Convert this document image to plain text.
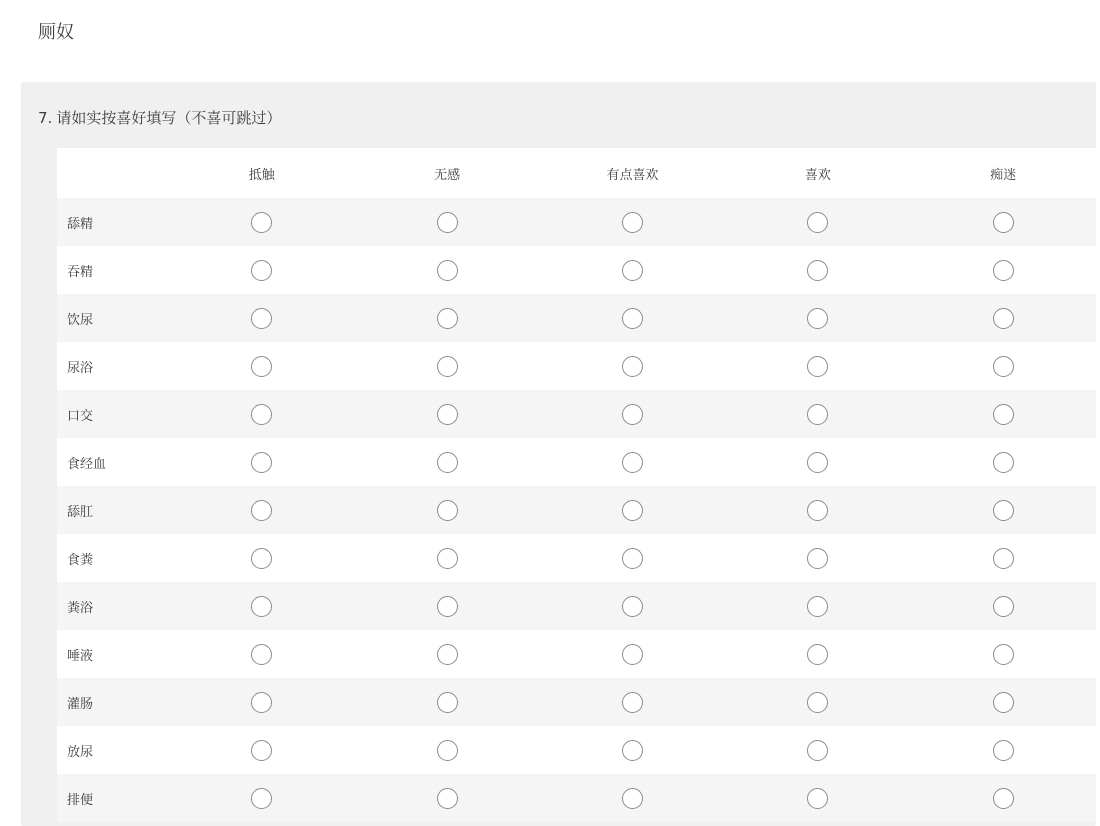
厕奴
7. 请如实按喜好填写（不喜可跳过）
	抵触	无感	有点喜欢	喜欢	痴迷
舔精					
吞精					
饮尿					
尿浴					
口交					
食经血					
舔肛					
食粪					
粪浴					
唾液					
灌肠					
放尿					
排便					
